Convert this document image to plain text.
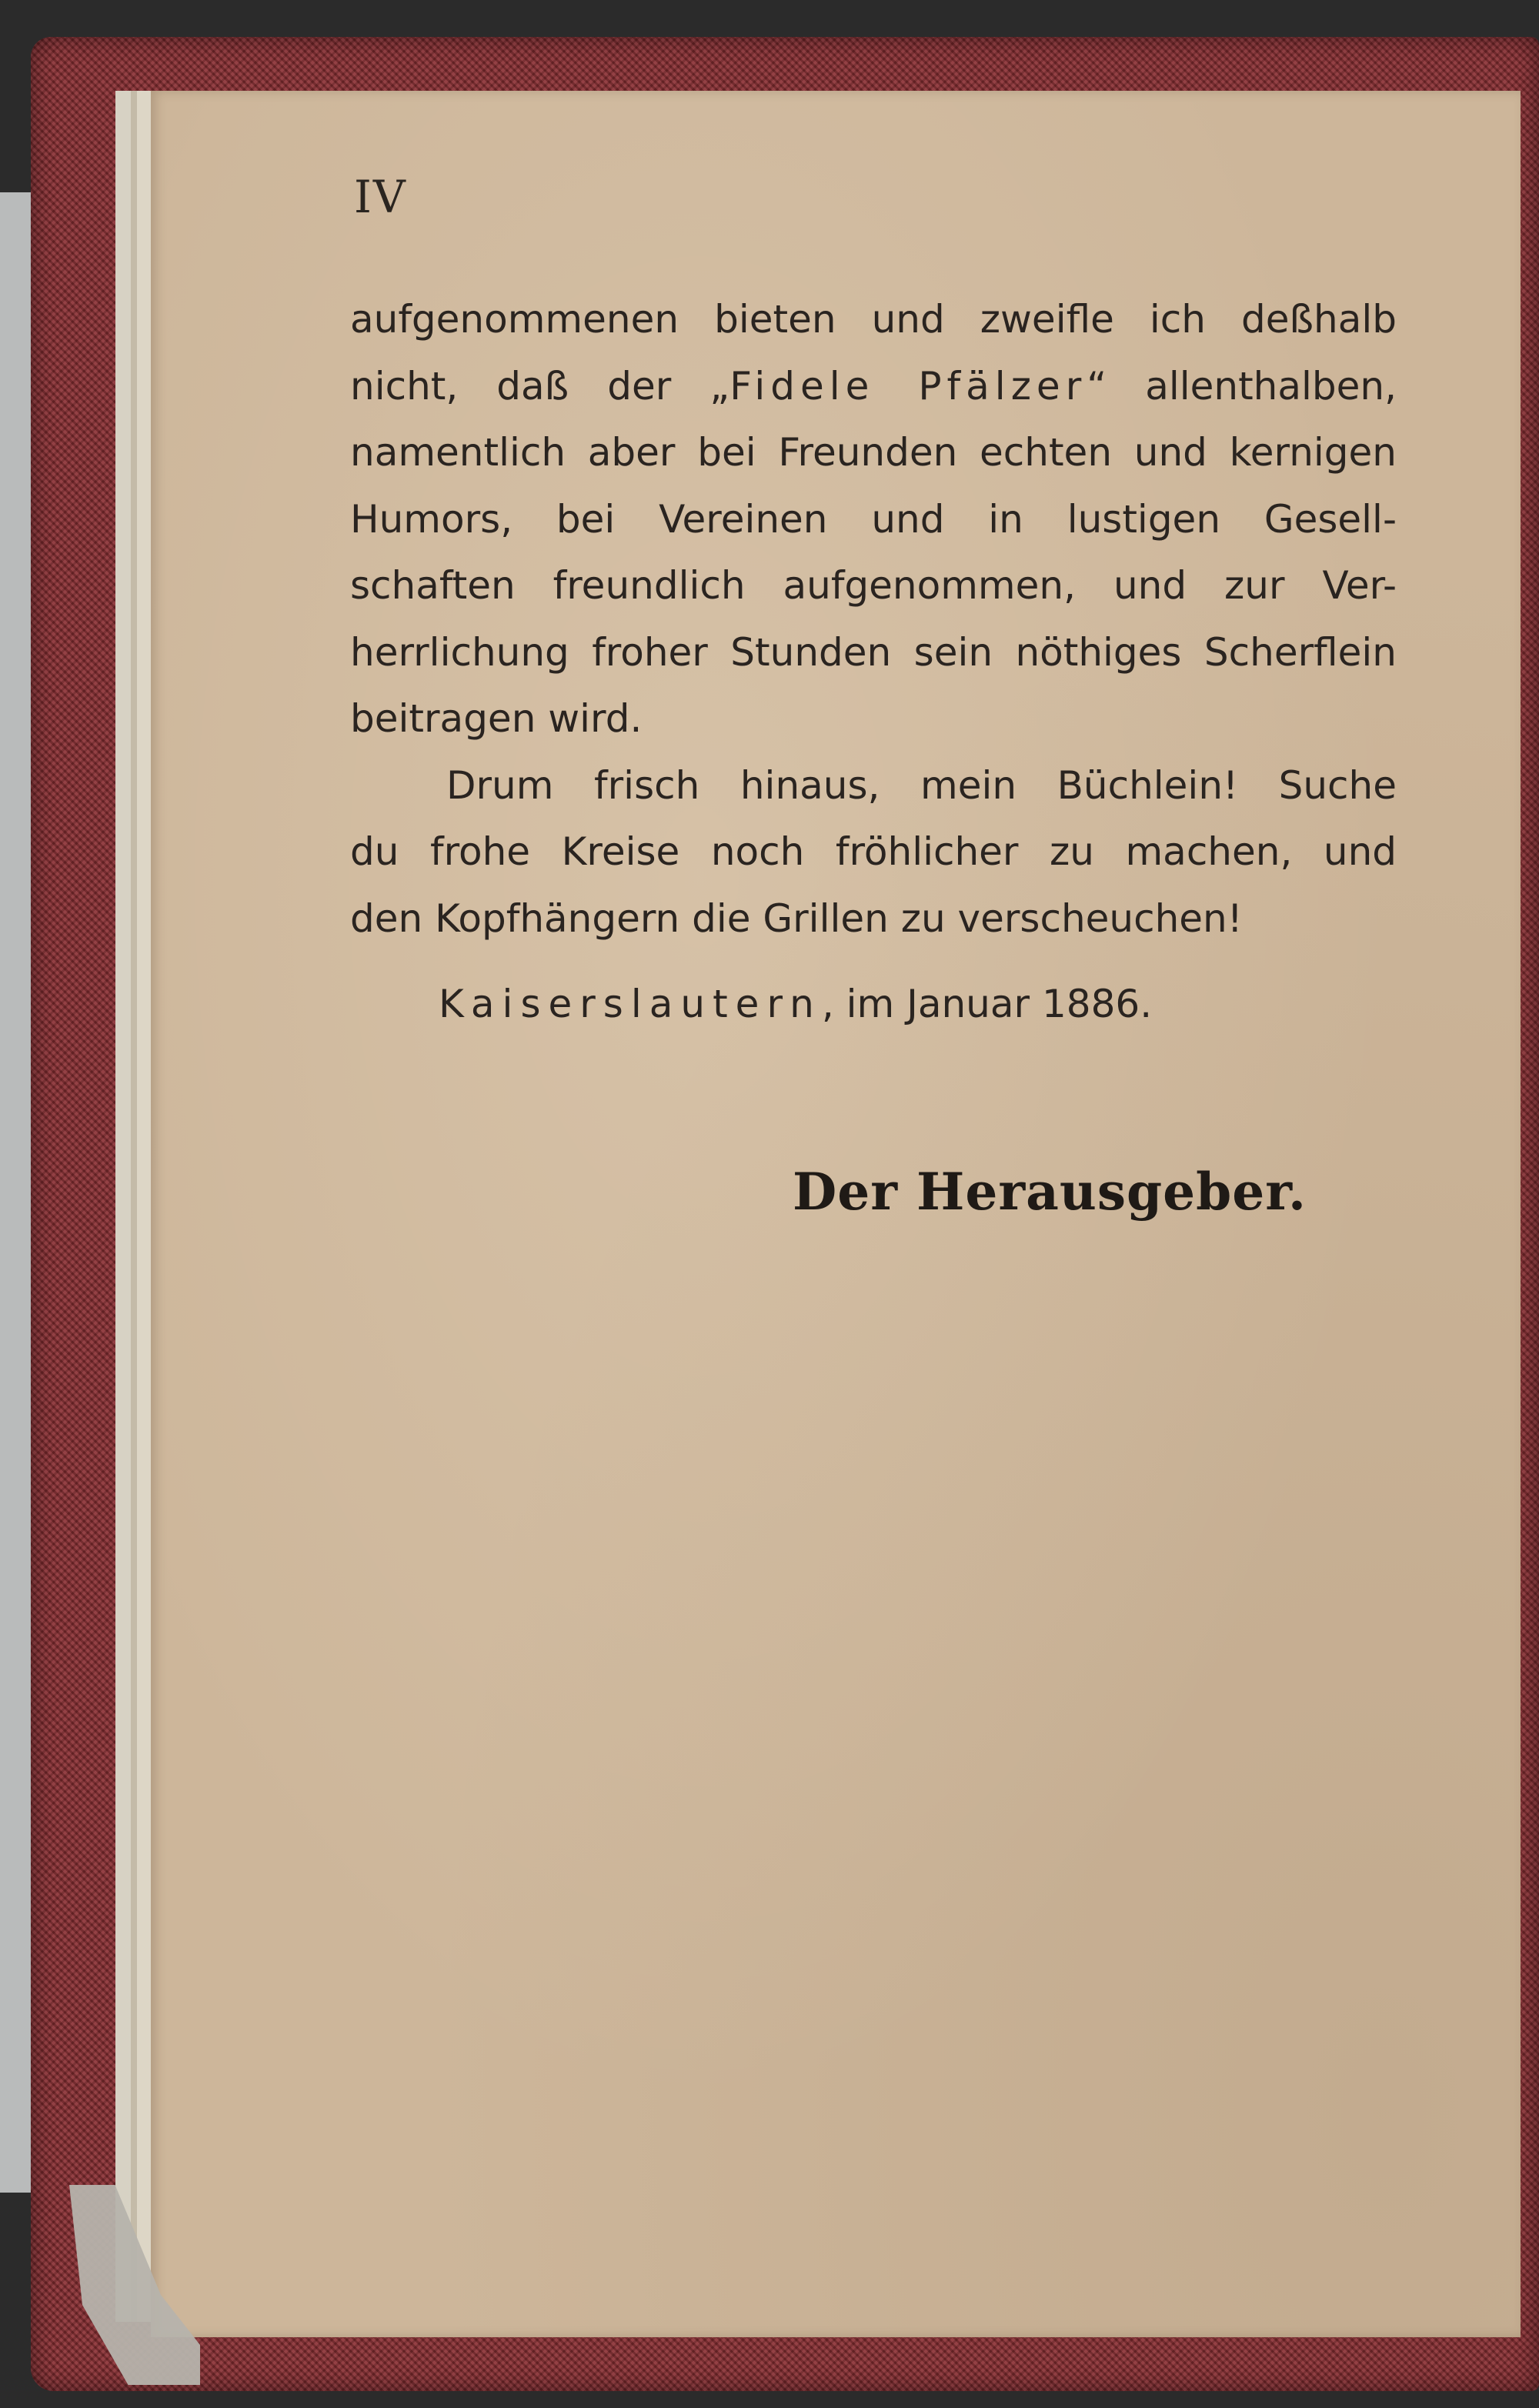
IV
aufgenommenen bieten und zweifle ich deßhalb
nicht, daß der „Fidele Pfälzer“ allenthalben,
namentlich aber bei Freunden echten und kernigen
Humors, bei Vereinen und in lustigen Gesell-
schaften freundlich aufgenommen, und zur Ver-
herrlichung froher Stunden sein nöthiges Scherflein
beitragen wird.
Drum frisch hinaus, mein Büchlein! Suche
du frohe Kreise noch fröhlicher zu machen, und
den Kopfhängern die Grillen zu verscheuchen!
Kaiserslautern, im Januar 1886.
Der Herausgeber.
